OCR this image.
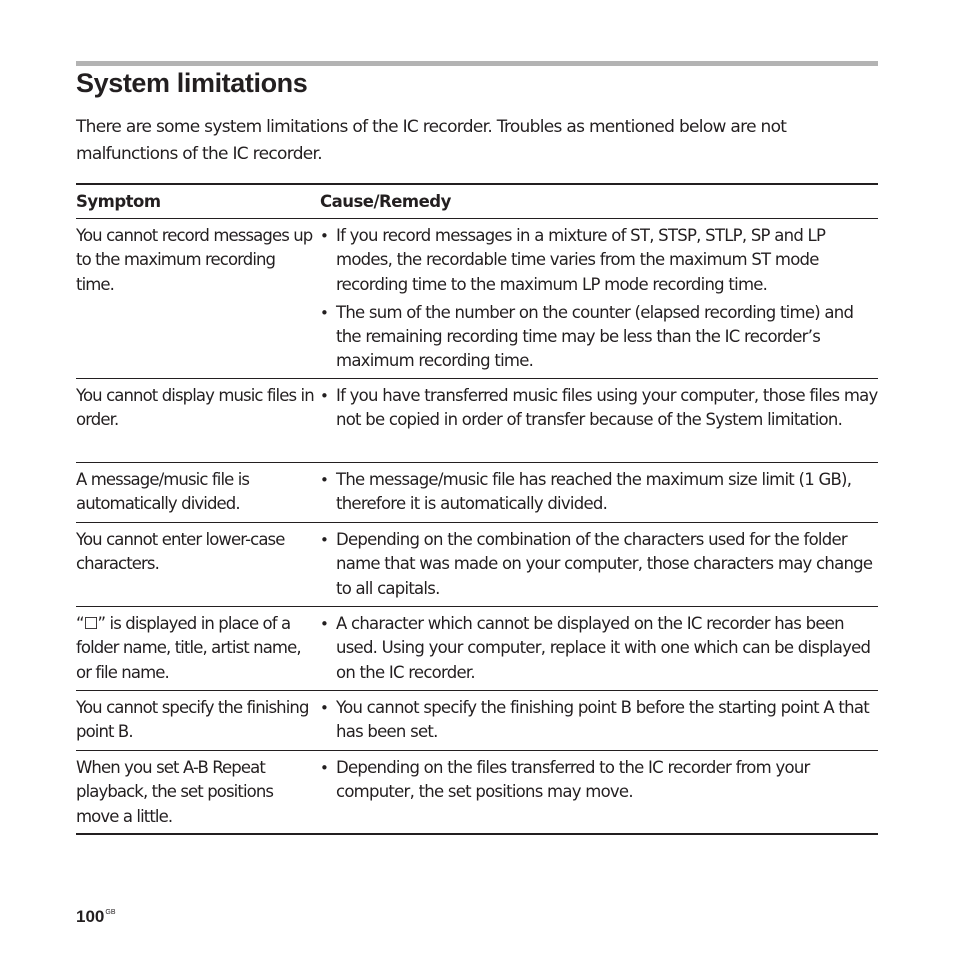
System limitations

There are some system limitations of the IC recorder. Troubles as mentioned below are not malfunctions of the IC recorder.

Symptom	Cause/Remedy
You cannot record messages up to the maximum recording time.
• If you record messages in a mixture of ST, STSP, STLP, SP and LP modes, the recordable time varies from the maximum ST mode recording time to the maximum LP mode recording time.
• The sum of the number on the counter (elapsed recording time) and the remaining recording time may be less than the IC recorder’s maximum recording time.
You cannot display music files in order.
• If you have transferred music files using your computer, those files may not be copied in order of transfer because of the System limitation.
A message/music file is automatically divided.
• The message/music file has reached the maximum size limit (1 GB), therefore it is automatically divided.
You cannot enter lower-case characters.
• Depending on the combination of the characters used for the folder name that was made on your computer, those characters may change to all capitals.
“☐” is displayed in place of a folder name, title, artist name, or file name.
• A character which cannot be displayed on the IC recorder has been used. Using your computer, replace it with one which can be displayed on the IC recorder.
You cannot specify the finishing point B.
• You cannot specify the finishing point B before the starting point A that has been set.
When you set A-B Repeat playback, the set positions move a little.
• Depending on the files transferred to the IC recorder from your computer, the set positions may move.
$100^{GB}$
